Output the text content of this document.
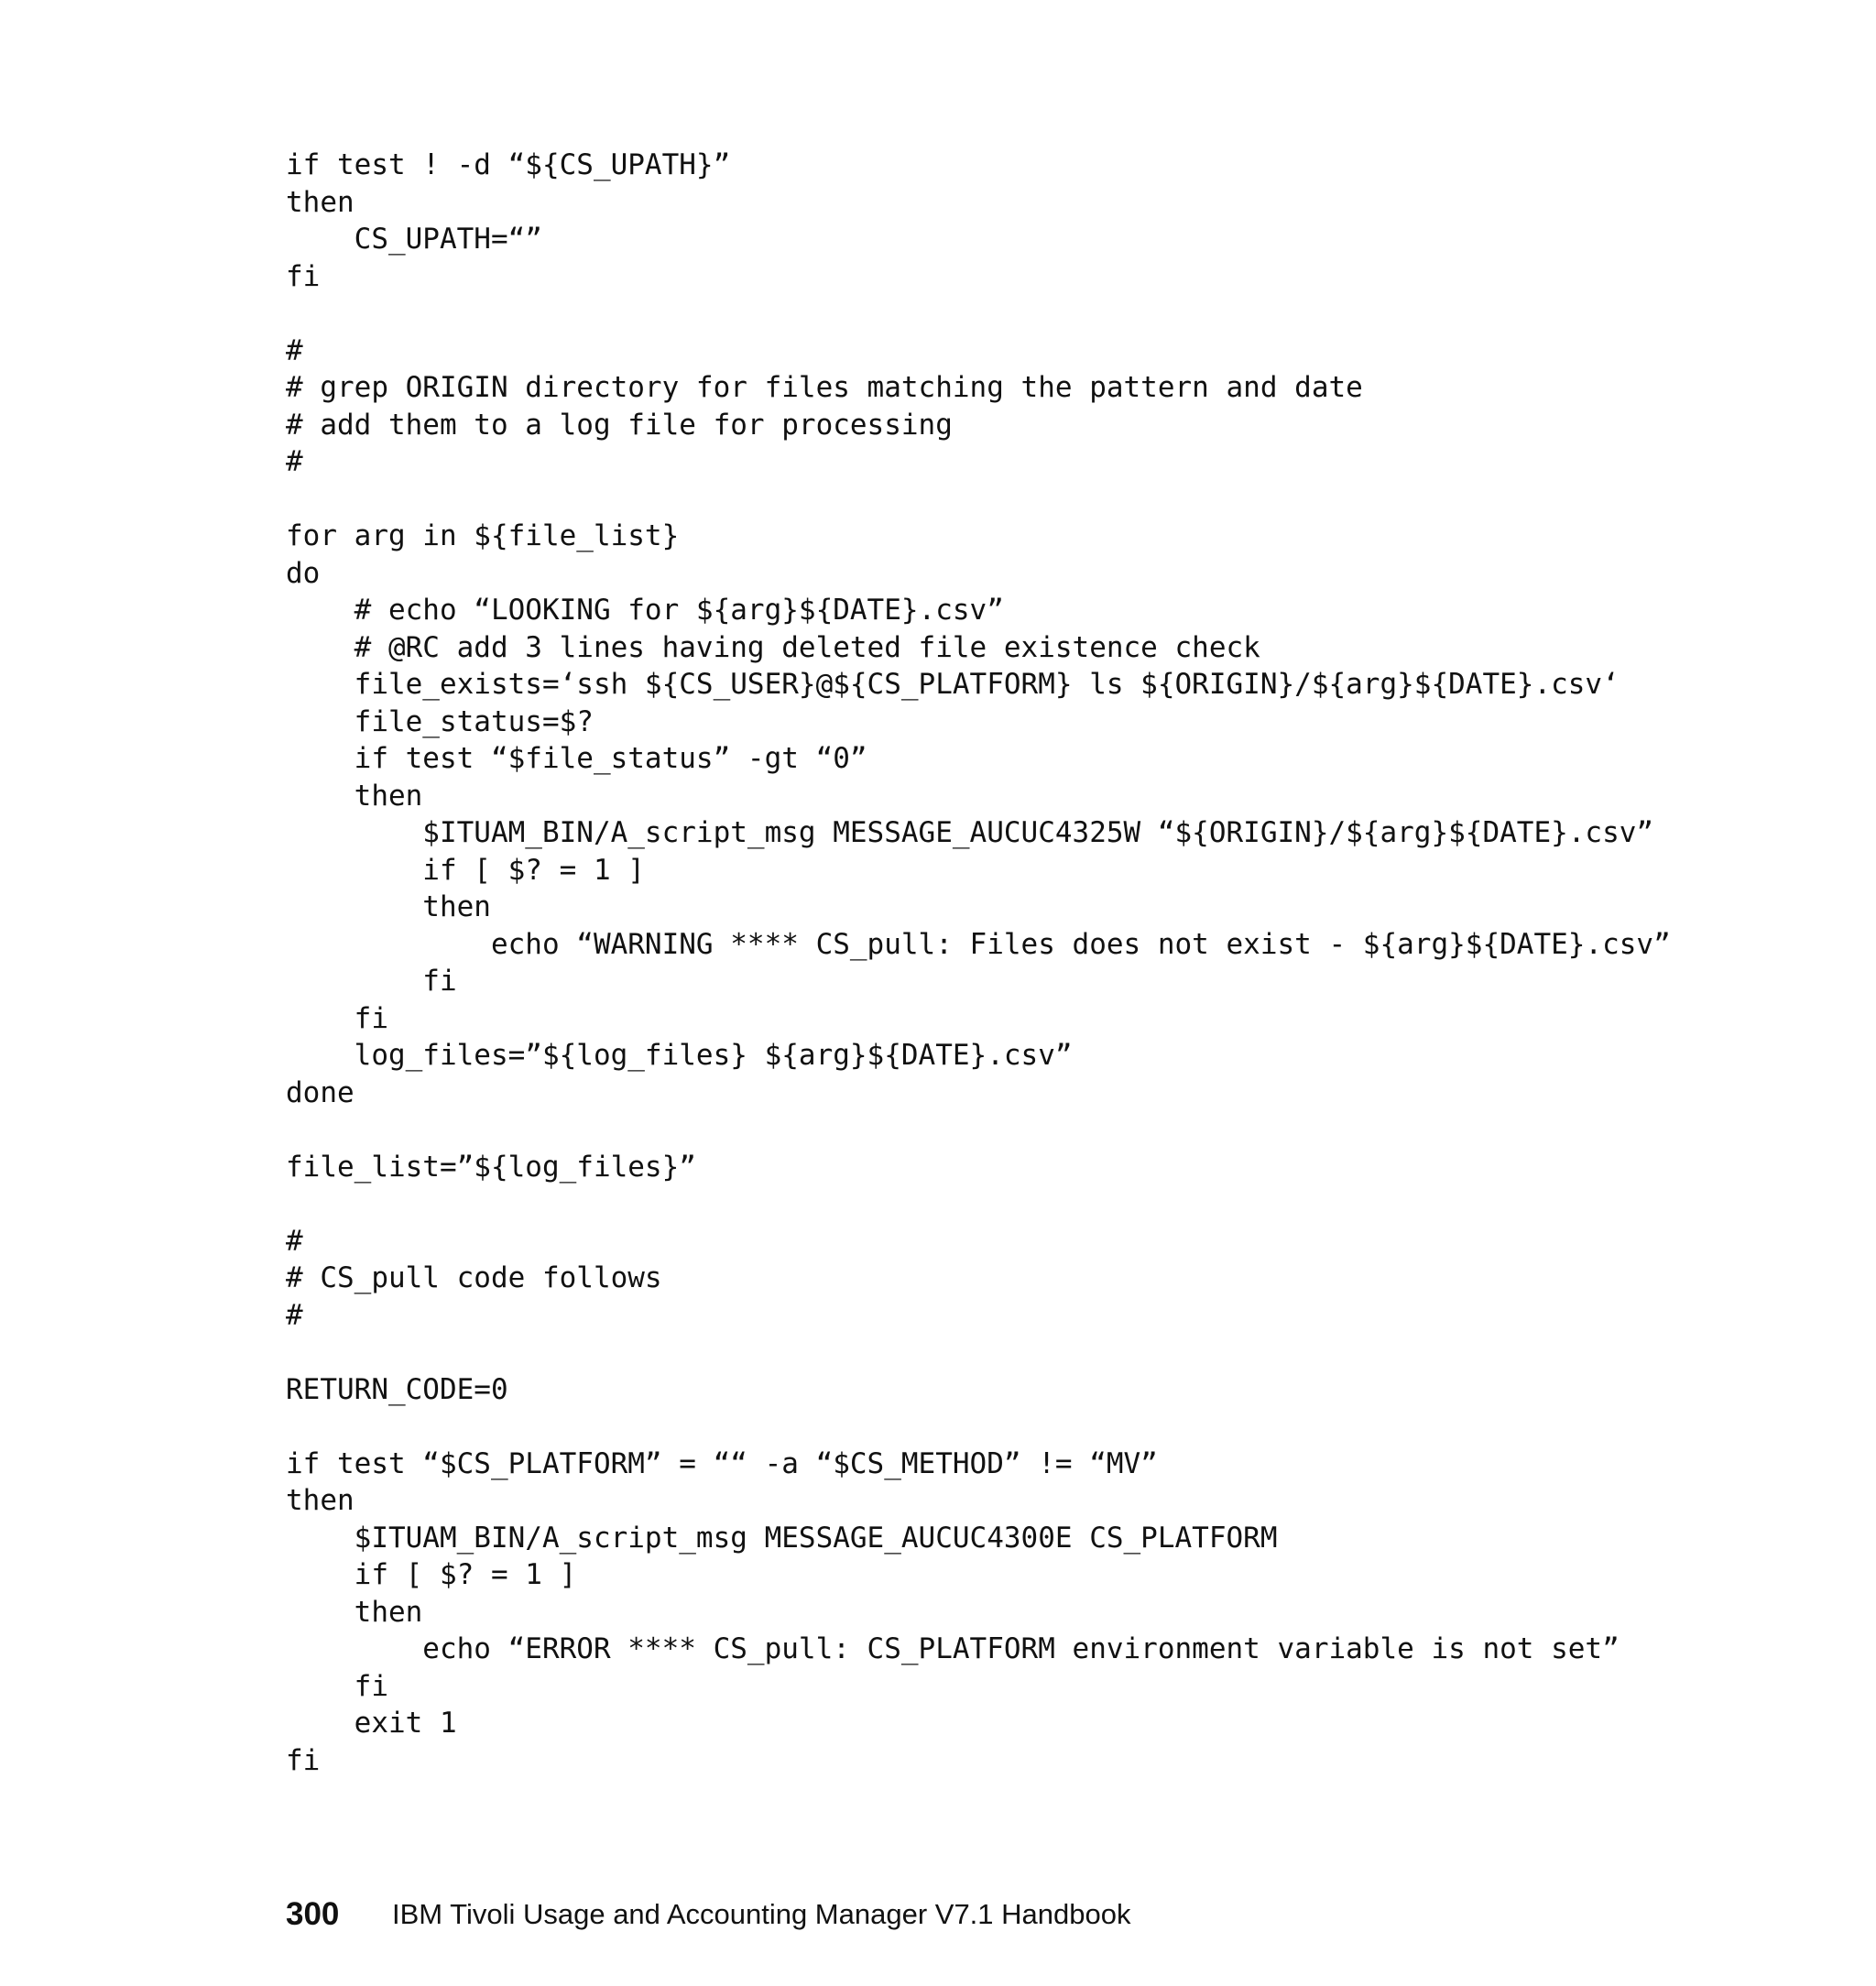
if test ! -d “${CS_UPATH}”
then
CS_UPATH=“”
fi
#
# grep ORIGIN directory for files matching the pattern and date
# add them to a log file for processing
#
for arg in ${file_list}
do
# echo “LOOKING for ${arg}${DATE}.csv”
# @RC add 3 lines having deleted file existence check
file_exists=‘ssh ${CS_USER}@${CS_PLATFORM} ls ${ORIGIN}/${arg}${DATE}.csv‘
file_status=$?
if test “$file_status” -gt “0”
then
$ITUAM_BIN/A_script_msg MESSAGE_AUCUC4325W “${ORIGIN}/${arg}${DATE}.csv”
if [ $? = 1 ]
then
echo “WARNING **** CS_pull: Files does not exist - ${arg}${DATE}.csv”
fi
fi
log_files=”${log_files} ${arg}${DATE}.csv”
done
file_list=”${log_files}”
#
# CS_pull code follows
#
RETURN_CODE=0
if test “$CS_PLATFORM” = ““ -a “$CS_METHOD” != “MV”
then
$ITUAM_BIN/A_script_msg MESSAGE_AUCUC4300E CS_PLATFORM
if [ $? = 1 ]
then
echo “ERROR **** CS_pull: CS_PLATFORM environment variable is not set”
fi
exit 1
fi
300	IBM Tivoli Usage and Accounting Manager V7.1 Handbook
